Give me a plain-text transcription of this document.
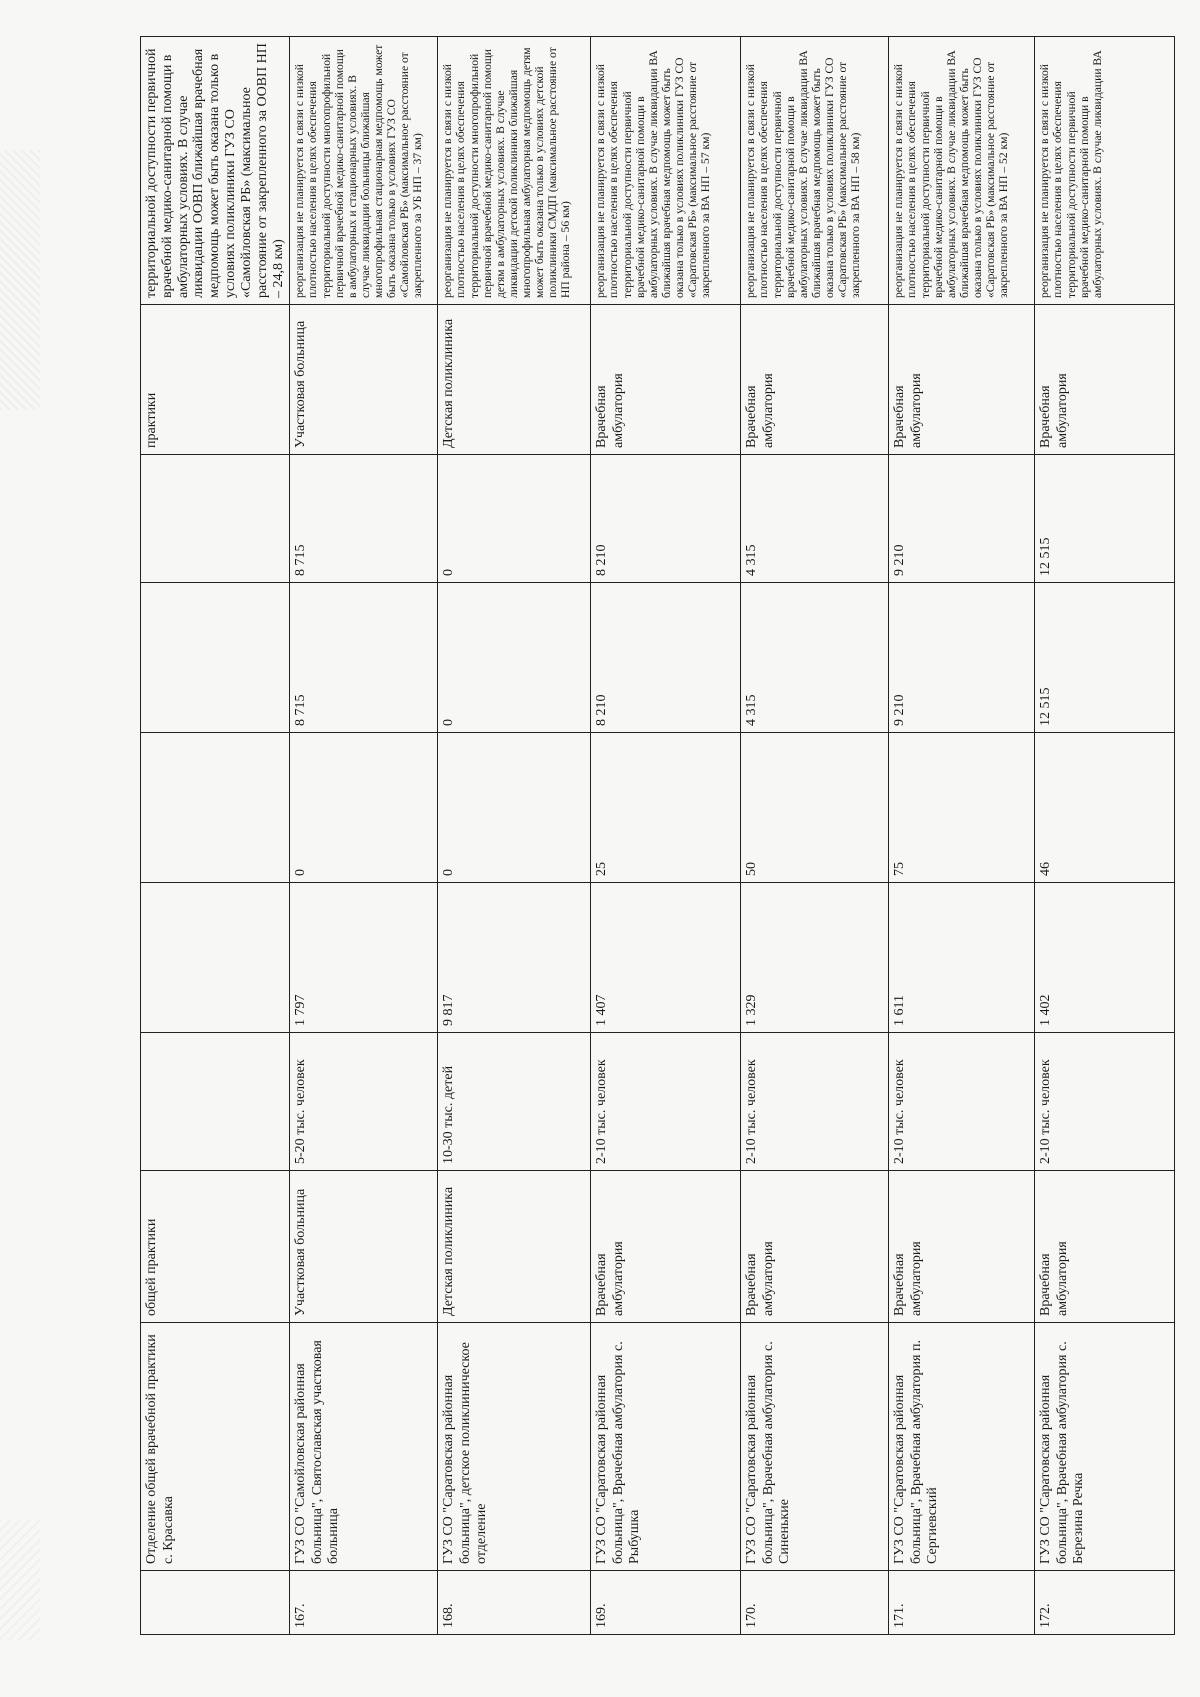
	Отделение общей врачебной практики с. Красавка	общей практики						практики	территориальной доступности первичной врачебной медико-санитарной помощи в амбулаторных условиях. В случае ликвидации ООВП ближайшая врачебная медпомощь может быть оказана только в условиях поликлиники ГУЗ СО «Самойловская РБ» (максимальное расстояние от закрепленного за ООВП НП – 24,8 км)
167.	ГУЗ СО "Самойловская районная больница", Святославская участковая больница	Участковая больница	5-20 тыс. человек	1 797	0	8 715	8 715	Участковая больница	реорганизация не планируется в связи с низкой плотностью населения в целях обеспечения территориальной доступности многопрофильной первичной врачебной медико-санитарной помощи в амбулаторных и стационарных условиях. В случае ликвидации больницы ближайшая многопрофильная стационарная медпомощь может быть оказана только в условиях ГУЗ СО «Самойловская РБ» (максимальное расстояние от закрепленного за УБ НП – 37 км)
168.	ГУЗ СО "Саратовская районная больница", детское поликлиническое отделение	Детская поликлиника	10-30 тыс. детей	9 817	0	0	0	Детская поликлиника	реорганизация не планируется в связи с низкой плотностью населения в целях обеспечения территориальной доступности многопрофильной первичной врачебной медико-санитарной помощи детям в амбулаторных условиях. В случае ликвидации детской поликлиники ближайшая многопрофильная амбулаторная медпомощь детям может быть оказана только в условиях детской поликлиники СМДП (максимальное расстояние от НП района – 56 км)
169.	ГУЗ СО "Саратовская районная больница", Врачебная амбулатория с. Рыбушка	Врачебная амбулатория	2-10 тыс. человек	1 407	25	8 210	8 210	Врачебная амбулатория	реорганизация не планируется в связи с низкой плотностью населения в целях обеспечения территориальной доступности первичной врачебной медико-санитарной помощи в амбулаторных условиях. В случае ликвидации ВА ближайшая врачебная медпомощь может быть оказана только в условиях поликлиники ГУЗ СО «Саратовская РБ» (максимальное расстояние от закрепленного за ВА НП – 57 км)
170.	ГУЗ СО "Саратовская районная больница", Врачебная амбулатория с. Синенькие	Врачебная амбулатория	2-10 тыс. человек	1 329	50	4 315	4 315	Врачебная амбулатория	реорганизация не планируется в связи с низкой плотностью населения в целях обеспечения территориальной доступности первичной врачебной медико-санитарной помощи в амбулаторных условиях. В случае ликвидации ВА ближайшая врачебная медпомощь может быть оказана только в условиях поликлиники ГУЗ СО «Саратовская РБ» (максимальное расстояние от закрепленного за ВА НП – 58 км)
171.	ГУЗ СО "Саратовская районная больница", Врачебная амбулатория п. Сергиевский	Врачебная амбулатория	2-10 тыс. человек	1 611	75	9 210	9 210	Врачебная амбулатория	реорганизация не планируется в связи с низкой плотностью населения в целях обеспечения территориальной доступности первичной врачебной медико-санитарной помощи в амбулаторных условиях. В случае ликвидации ВА ближайшая врачебная медпомощь может быть оказана только в условиях поликлиники ГУЗ СО «Саратовская РБ» (максимальное расстояние от закрепленного за ВА НП – 52 км)
172.	ГУЗ СО "Саратовская районная больница", Врачебная амбулатория с. Березина Речка	Врачебная амбулатория	2-10 тыс. человек	1 402	46	12 515	12 515	Врачебная амбулатория	реорганизация не планируется в связи с низкой плотностью населения в целях обеспечения территориальной доступности первичной врачебной медико-санитарной помощи в амбулаторных условиях. В случае ликвидации ВА
